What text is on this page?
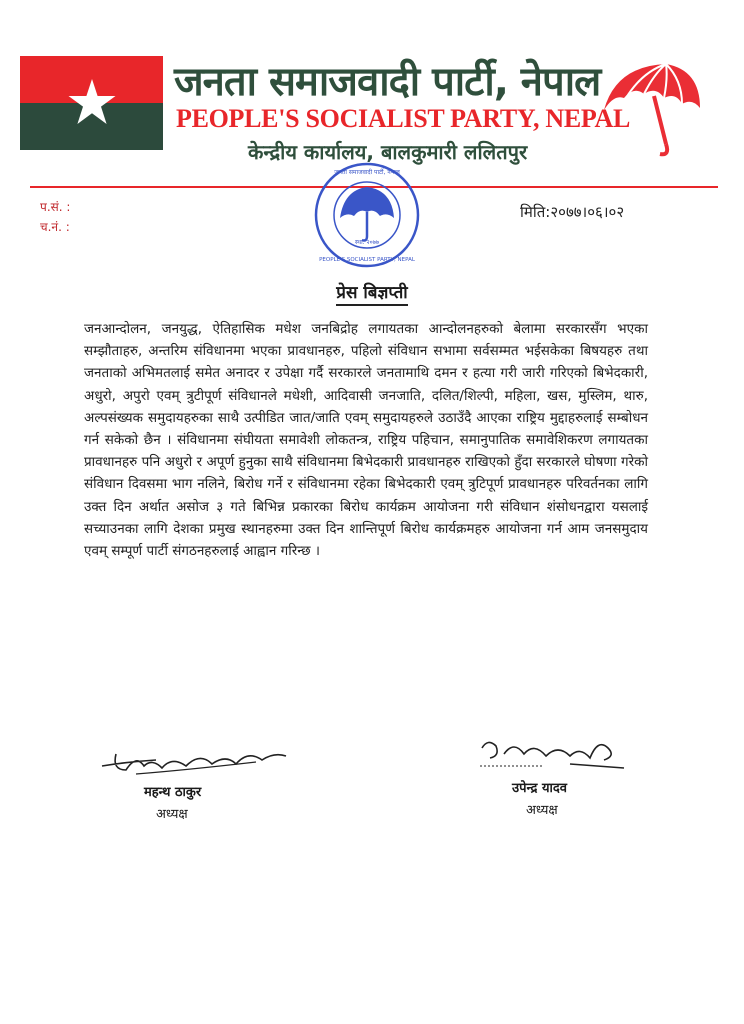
जनता समाजवादी पार्टी, नेपाल
PEOPLE'S SOCIALIST PARTY, NEPAL
केन्द्रीय कार्यालय, बालकुमारी ललितपुर
प.सं. :
च.नं. :
स्था. २०७७
जनता समाजवादी पार्टी, नेपाल
PEOPLE'S SOCIALIST PARTY, NEPAL
मिति:२०७७।०६।०२
प्रेस बिज्ञप्ती
जनआन्दोलन, जनयुद्ध, ऐतिहासिक मधेश जनबिद्रोह लगायतका आन्दोलनहरुको बेलामा सरकारसँग भएका सम्झौताहरु, अन्तरिम संविधानमा भएका प्रावधानहरु, पहिलो संविधान सभामा सर्वसम्मत भईसकेका बिषयहरु तथा जनताको अभिमतलाई समेत अनादर र उपेक्षा गर्दै सरकारले जनतामाथि दमन र हत्या गरी जारी गरिएको बिभेदकारी, अधुरो, अपुरो एवम् त्रुटीपूर्ण संविधानले मधेशी, आदिवासी जनजाति, दलित/शिल्पी, महिला, खस, मुस्लिम, थारु, अल्पसंख्यक समुदायहरुका साथै उत्पीडित जात/जाति एवम् समुदायहरुले उठाउँदै आएका राष्ट्रिय मुद्दाहरुलाई सम्बोधन गर्न सकेको छैन । संविधानमा संघीयता समावेशी लोकतन्त्र, राष्ट्रिय पहिचान, समानुपातिक समावेशिकरण लगायतका प्रावधानहरु पनि अधुरो र अपूर्ण हुनुका साथै संविधानमा बिभेदकारी प्रावधानहरु राखिएको हुँदा सरकारले घोषणा गरेको संविधान दिवसमा भाग नलिने, बिरोध गर्ने र संविधानमा रहेका बिभेदकारी एवम् त्रुटिपूर्ण प्रावधानहरु परिवर्तनका लागि उक्त दिन अर्थात असोज ३ गते बिभिन्न प्रकारका बिरोध कार्यक्रम आयोजना गरी संविधान शंसोधनद्वारा यसलाई सच्याउनका लागि देशका प्रमुख स्थानहरुमा उक्त दिन शान्तिपूर्ण बिरोध कार्यक्रमहरु आयोजना गर्न आम जनसमुदाय एवम् सम्पूर्ण पार्टी संगठनहरुलाई आह्वान गरिन्छ ।
महन्थ ठाकुर
अध्यक्ष
उपेन्द्र यादव
अध्यक्ष
